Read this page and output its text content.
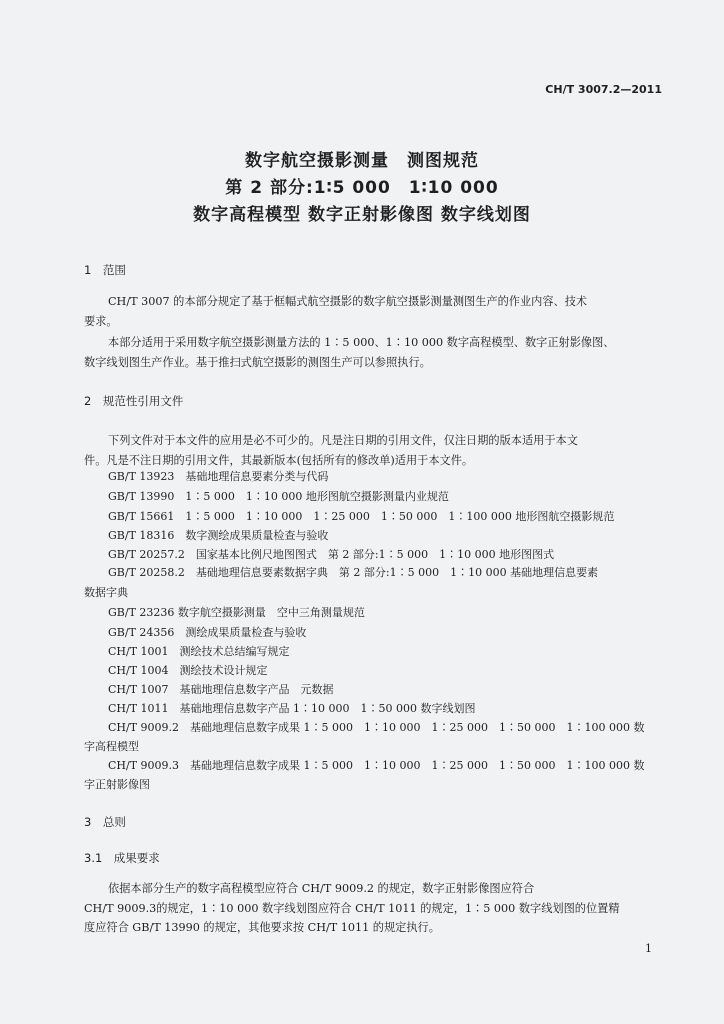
CH/T 3007.2—2011
数字航空摄影测量　测图规范
第 2 部分:1∶5 000　1∶10 000
数字高程模型 数字正射影像图 数字线划图
1　范围
CH/T 3007 的本部分规定了基于框幅式航空摄影的数字航空摄影测量测图生产的作业内容、技术
要求。
本部分适用于采用数字航空摄影测量方法的 1∶5 000、1∶10 000 数字高程模型、数字正射影像图、
数字线划图生产作业。基于推扫式航空摄影的测图生产可以参照执行。
2　规范性引用文件
下列文件对于本文件的应用是必不可少的。凡是注日期的引用文件，仅注日期的版本适用于本文
件。凡是不注日期的引用文件，其最新版本(包括所有的修改单)适用于本文件。
GB/T 13923　基础地理信息要素分类与代码
GB/T 13990　1∶5 000　1∶10 000 地形图航空摄影测量内业规范
GB/T 15661　1∶5 000　1∶10 000　1∶25 000　1∶50 000　1∶100 000 地形图航空摄影规范
GB/T 18316　数字测绘成果质量检查与验收
GB/T 20257.2　国家基本比例尺地图图式　第 2 部分:1∶5 000　1∶10 000 地形图图式
GB/T 20258.2　基础地理信息要素数据字典　第 2 部分:1∶5 000　1∶10 000 基础地理信息要素
数据字典
GB/T 23236 数字航空摄影测量　空中三角测量规范
GB/T 24356　测绘成果质量检查与验收
CH/T 1001　测绘技术总结编写规定
CH/T 1004　测绘技术设计规定
CH/T 1007　基础地理信息数字产品　元数据
CH/T 1011　基础地理信息数字产品 1∶10 000　1∶50 000 数字线划图
CH/T 9009.2　基础地理信息数字成果 1∶5 000　1∶10 000　1∶25 000　1∶50 000　1∶100 000 数
字高程模型
CH/T 9009.3　基础地理信息数字成果 1∶5 000　1∶10 000　1∶25 000　1∶50 000　1∶100 000 数
字正射影像图
3　总则
3.1　成果要求
依据本部分生产的数字高程模型应符合 CH/T 9009.2 的规定，数字正射影像图应符合
CH/T 9009.3的规定，1∶10 000 数字线划图应符合 CH/T 1011 的规定，1∶5 000 数字线划图的位置精
度应符合 GB/T 13990 的规定，其他要求按 CH/T 1011 的规定执行。
1
